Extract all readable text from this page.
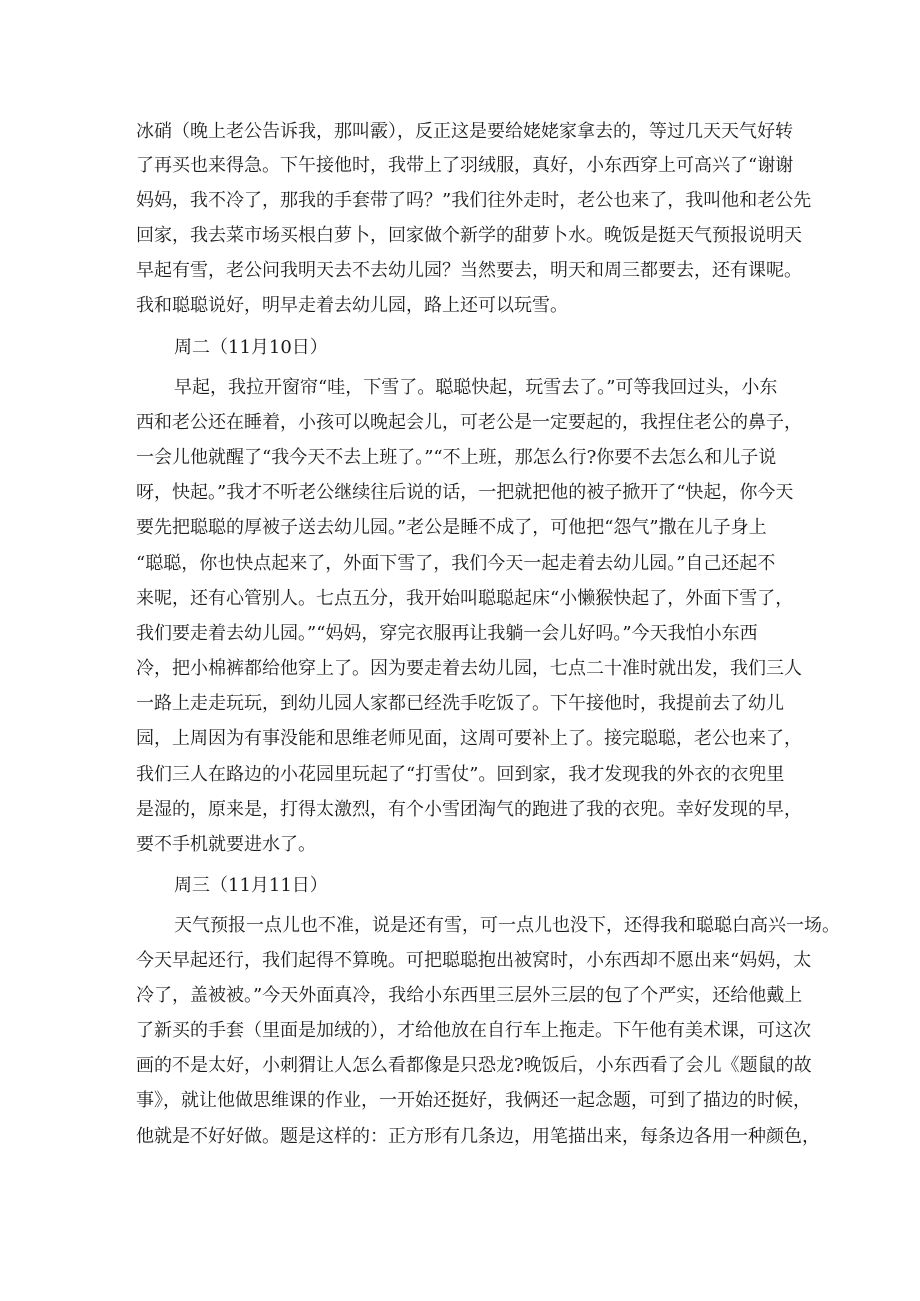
冰硝（晚上老公告诉我，那叫霰），反正这是要给姥姥家拿去的，等过几天天气好转
了再买也来得急。下午接他时，我带上了羽绒服，真好，小东西穿上可高兴了“谢谢
妈妈，我不冷了，那我的手套带了吗？”我们往外走时，老公也来了，我叫他和老公先
回家，我去菜市场买根白萝卜，回家做个新学的甜萝卜水。晚饭是挺天气预报说明天
早起有雪，老公问我明天去不去幼儿园？当然要去，明天和周三都要去，还有课呢。
我和聪聪说好，明早走着去幼儿园，路上还可以玩雪。
周二（11月10日）
早起，我拉开窗帘“哇，下雪了。聪聪快起，玩雪去了。”可等我回过头，小东
西和老公还在睡着，小孩可以晚起会儿，可老公是一定要起的，我捏住老公的鼻子，
一会儿他就醒了“我今天不去上班了。”“不上班，那怎么行?你要不去怎么和儿子说
呀，快起。”我才不听老公继续往后说的话，一把就把他的被子掀开了“快起，你今天
要先把聪聪的厚被子送去幼儿园。”老公是睡不成了，可他把“怨气”撒在儿子身上
“聪聪，你也快点起来了，外面下雪了，我们今天一起走着去幼儿园。”自己还起不
来呢，还有心管别人。七点五分，我开始叫聪聪起床“小懒猴快起了，外面下雪了，
我们要走着去幼儿园。”“妈妈，穿完衣服再让我躺一会儿好吗。”今天我怕小东西
冷，把小棉裤都给他穿上了。因为要走着去幼儿园，七点二十准时就出发，我们三人
一路上走走玩玩，到幼儿园人家都已经洗手吃饭了。下午接他时，我提前去了幼儿
园，上周因为有事没能和思维老师见面，这周可要补上了。接完聪聪，老公也来了，
我们三人在路边的小花园里玩起了“打雪仗”。回到家，我才发现我的外衣的衣兜里
是湿的，原来是，打得太激烈，有个小雪团淘气的跑进了我的衣兜。幸好发现的早，
要不手机就要进水了。
周三（11月11日）
天气预报一点儿也不准，说是还有雪，可一点儿也没下，还得我和聪聪白高兴一场。
今天早起还行，我们起得不算晚。可把聪聪抱出被窝时，小东西却不愿出来“妈妈，太
冷了，盖被被。”今天外面真冷，我给小东西里三层外三层的包了个严实，还给他戴上
了新买的手套（里面是加绒的），才给他放在自行车上拖走。下午他有美术课，可这次
画的不是太好，小刺猬让人怎么看都像是只恐龙?晚饭后，小东西看了会儿《题鼠的故
事》，就让他做思维课的作业，一开始还挺好，我俩还一起念题，可到了描边的时候，
他就是不好好做。题是这样的：正方形有几条边，用笔描出来，每条边各用一种颜色，
